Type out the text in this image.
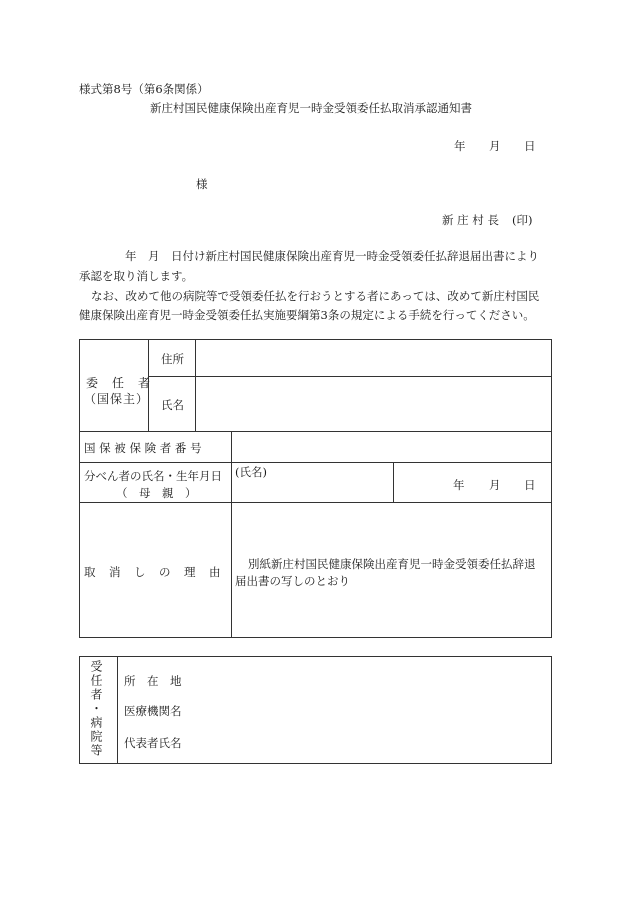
様式第8号（第6条関係）
新庄村国民健康保険出産育児一時金受領委任払取消承認通知書
年 月 日
様
新 庄 村 長 (印)
年　月　日付け新庄村国民健康保険出産育児一時金受領委任払辞退届出書により
承認を取り消します。
なお、改めて他の病院等で受領委任払を行おうとする者にあっては、改めて新庄村国民
健康保険出産育児一時金受領委任払実施要綱第3条の規定による手続を行ってください。
委　任　者
（国保主）
住所
氏名
国 保 被 保 険 者 番 号
分べん者の氏名・生年月日
（　母　親　）
(氏名)
年 月 日
取　消　し　の　理　由
別紙新庄村国民健康保険出産育児一時金受領委任払辞退
届出書の写しのとおり
受任者・病院等 所　在　地
医療機関名
代表者氏名
